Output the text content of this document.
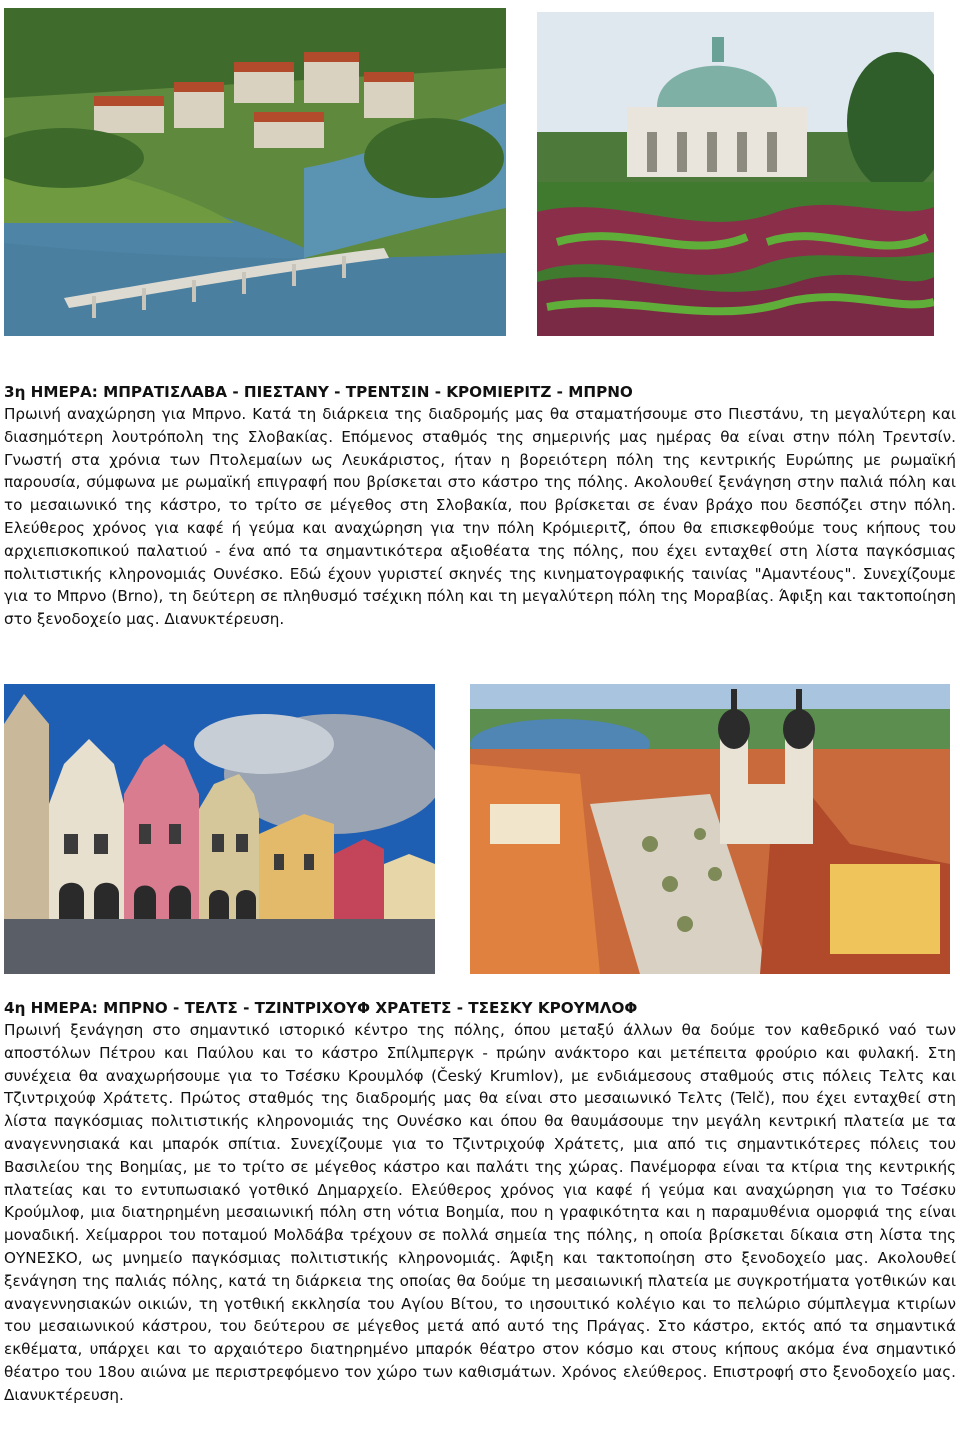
3η ΗΜΕΡΑ: ΜΠΡΑΤΙΣΛΑΒΑ - ΠΙΕΣΤΑΝΥ - ΤΡΕΝΤΣΙΝ - ΚΡΟΜΙΕΡΙΤΖ - ΜΠΡΝΟ

Πρωινή αναχώρηση για Μπρνο. Κατά τη διάρκεια της διαδρομής μας θα σταματήσουμε στο Πιεστάνυ, τη μεγαλύτερη και διασημότερη λουτρόπολη της Σλοβακίας. Επόμενος σταθμός της σημερινής μας ημέρας θα είναι στην πόλη Τρεντσίν. Γνωστή στα χρόνια των Πτολεμαίων ως Λευκάριστος, ήταν η βορειότερη πόλη της κεντρικής Ευρώπης με ρωμαϊκή παρουσία, σύμφωνα με ρωμαϊκή επιγραφή που βρίσκεται στο κάστρο της πόλης. Ακολουθεί ξενάγηση στην παλιά πόλη και το μεσαιωνικό της κάστρο, το τρίτο σε μέγεθος στη Σλοβακία, που βρίσκεται σε έναν βράχο που δεσπόζει στην πόλη. Ελεύθερος χρόνος για καφέ ή γεύμα και αναχώρηση για την πόλη Κρόμιεριτζ, όπου θα επισκεφθούμε τους κήπους του αρχιεπισκοπικού παλατιού - ένα από τα σημαντικότερα αξιοθέατα της πόλης, που έχει ενταχθεί στη λίστα παγκόσμιας πολιτιστικής κληρονομιάς Ουνέσκο. Εδώ έχουν γυριστεί σκηνές της κινηματογραφικής ταινίας "Αμαντέους". Συνεχίζουμε για το Μπρνο (Brno), τη δεύτερη σε πληθυσμό τσέχικη πόλη και τη μεγαλύτερη πόλη της Μοραβίας. Άφιξη και τακτοποίηση στο ξενοδοχείο μας. Διανυκτέρευση.

4η ΗΜΕΡΑ: ΜΠΡΝΟ - ΤΕΛΤΣ - ΤΖΙΝΤΡΙΧΟΥΦ ΧΡΑΤΕΤΣ - ΤΣΕΣΚΥ ΚΡΟΥΜΛΟΦ

Πρωινή ξενάγηση στο σημαντικό ιστορικό κέντρο της πόλης, όπου μεταξύ άλλων θα δούμε τον καθεδρικό ναό των αποστόλων Πέτρου και Παύλου και το κάστρο Σπίλμπεργκ - πρώην ανάκτορο και μετέπειτα φρούριο και φυλακή. Στη συνέχεια θα αναχωρήσουμε για το Τσέσκυ Κρουμλόφ (Český Krumlov), με ενδιάμεσους σταθμούς στις πόλεις Τελτς και Τζιντριχούφ Χράτετς. Πρώτος σταθμός της διαδρομής μας θα είναι στο μεσαιωνικό Τελτς (Telč), που έχει ενταχθεί στη λίστα παγκόσμιας πολιτιστικής κληρονομιάς της Ουνέσκο και όπου θα θαυμάσουμε την μεγάλη κεντρική πλατεία με τα αναγεννησιακά και μπαρόκ σπίτια. Συνεχίζουμε για το Τζιντριχούφ Χράτετς, μια από τις σημαντικότερες πόλεις του Βασιλείου της Βοημίας, με το τρίτο σε μέγεθος κάστρο και παλάτι της χώρας. Πανέμορφα είναι τα κτίρια της κεντρικής πλατείας και το εντυπωσιακό γοτθικό Δημαρχείο. Ελεύθερος χρόνος για καφέ ή γεύμα και αναχώρηση για το Τσέσκυ Κρούμλοφ, μια διατηρημένη μεσαιωνική πόλη στη νότια Βοημία, που η γραφικότητα και η παραμυθένια ομορφιά της είναι μοναδική. Χείμαρροι του ποταμού Μολδάβα τρέχουν σε πολλά σημεία της πόλης, η οποία βρίσκεται δίκαια στη λίστα της ΟΥΝΕΣΚΟ, ως μνημείο παγκόσμιας πολιτιστικής κληρονομιάς. Άφιξη και τακτοποίηση στο ξενοδοχείο μας. Ακολουθεί ξενάγηση της παλιάς πόλης, κατά τη διάρκεια της οποίας θα δούμε τη μεσαιωνική πλατεία με συγκροτήματα γοτθικών και αναγεννησιακών οικιών, τη γοτθική εκκλησία του Αγίου Βίτου, το ιησουιτικό κολέγιο και το πελώριο σύμπλεγμα κτιρίων του μεσαιωνικού κάστρου, του δεύτερου σε μέγεθος μετά από αυτό της Πράγας. Στο κάστρο, εκτός από τα σημαντικά εκθέματα, υπάρχει και το αρχαιότερο διατηρημένο μπαρόκ θέατρο στον κόσμο και στους κήπους ακόμα ένα σημαντικό θέατρο του 18ου αιώνα με περιστρεφόμενο τον χώρο των καθισμάτων. Χρόνος ελεύθερος. Επιστροφή στο ξενοδοχείο μας. Διανυκτέρευση.
